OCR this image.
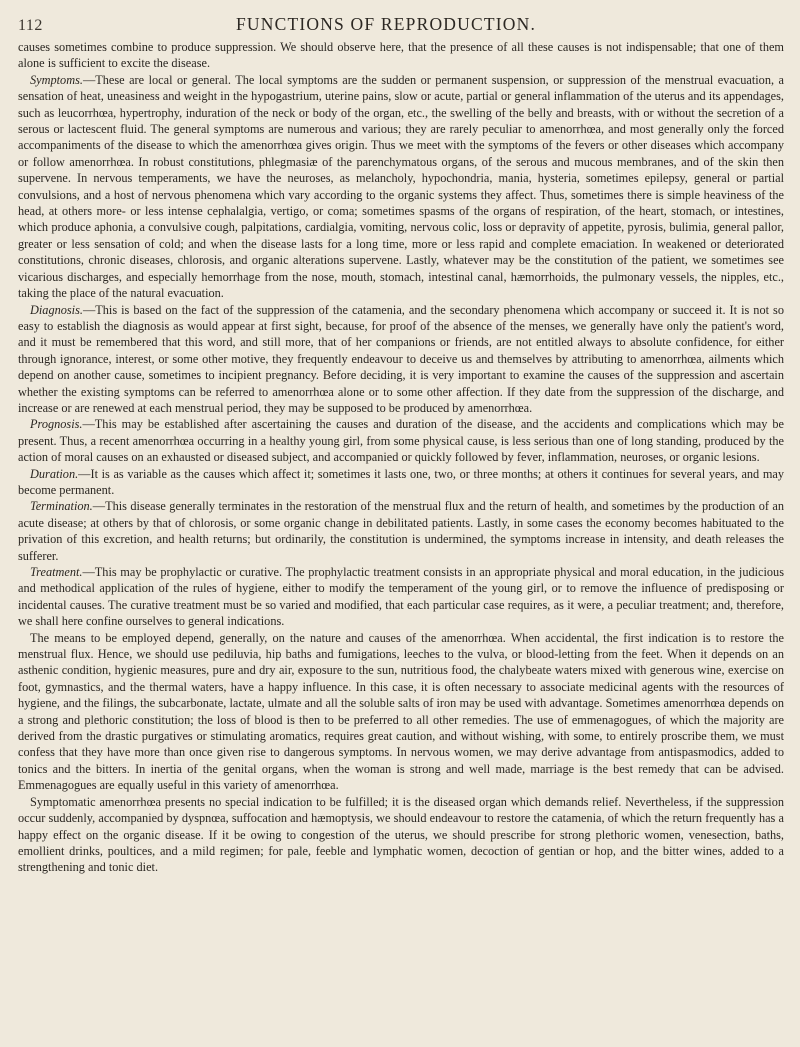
112	FUNCTIONS OF REPRODUCTION.

causes sometimes combine to produce suppression. We should observe here, that the presence of all these causes is not indispensable; that one of them alone is sufficient to excite the disease.

Symptoms.—These are local or general. The local symptoms are the sudden or permanent suspension, or suppression of the menstrual evacuation, a sensation of heat, uneasiness and weight in the hypogastrium, uterine pains, slow or acute, partial or general inflammation of the uterus and its appendages, such as leucorrhœa, hypertrophy, induration of the neck or body of the organ, etc., the swelling of the belly and breasts, with or without the secretion of a serous or lactescent fluid. The general symptoms are numerous and various; they are rarely peculiar to amenorrhœa, and most generally only the forced accompaniments of the disease to which the amenorrhœa gives origin. Thus we meet with the symptoms of the fevers or other diseases which accompany or follow amenorrhœa. In robust constitutions, phlegmasiæ of the parenchymatous organs, of the serous and mucous membranes, and of the skin then supervene. In nervous temperaments, we have the neuroses, as melancholy, hypochondria, mania, hysteria, sometimes epilepsy, general or partial convulsions, and a host of nervous phenomena which vary according to the organic systems they affect. Thus, sometimes there is simple heaviness of the head, at others more- or less intense cephalalgia, vertigo, or coma; sometimes spasms of the organs of respiration, of the heart, stomach, or intestines, which produce aphonia, a convulsive cough, palpitations, cardialgia, vomiting, nervous colic, loss or depravity of appetite, pyrosis, bulimia, general pallor, greater or less sensation of cold; and when the disease lasts for a long time, more or less rapid and complete emaciation. In weakened or deteriorated constitutions, chronic diseases, chlorosis, and organic alterations supervene. Lastly, whatever may be the constitution of the patient, we sometimes see vicarious discharges, and especially hemorrhage from the nose, mouth, stomach, intestinal canal, hæmorrhoids, the pulmonary vessels, the nipples, etc., taking the place of the natural evacuation.

Diagnosis.—This is based on the fact of the suppression of the catamenia, and the secondary phenomena which accompany or succeed it. It is not so easy to establish the diagnosis as would appear at first sight, because, for proof of the absence of the menses, we generally have only the patient's word, and it must be remembered that this word, and still more, that of her companions or friends, are not entitled always to absolute confidence, for either through ignorance, interest, or some other motive, they frequently endeavour to deceive us and themselves by attributing to amenorrhœa, ailments which depend on another cause, sometimes to incipient pregnancy. Before deciding, it is very important to examine the causes of the suppression and ascertain whether the existing symptoms can be referred to amenorrhœa alone or to some other affection. If they date from the suppression of the discharge, and increase or are renewed at each menstrual period, they may be supposed to be produced by amenorrhœa.

Prognosis.—This may be established after ascertaining the causes and duration of the disease, and the accidents and complications which may be present. Thus, a recent amenorrhœa occurring in a healthy young girl, from some physical cause, is less serious than one of long standing, produced by the action of moral causes on an exhausted or diseased subject, and accompanied or quickly followed by fever, inflammation, neuroses, or organic lesions.

Duration.—It is as variable as the causes which affect it; sometimes it lasts one, two, or three months; at others it continues for several years, and may become permanent.

Termination.—This disease generally terminates in the restoration of the menstrual flux and the return of health, and sometimes by the production of an acute disease; at others by that of chlorosis, or some organic change in debilitated patients. Lastly, in some cases the economy becomes habituated to the privation of this excretion, and health returns; but ordinarily, the constitution is undermined, the symptoms increase in intensity, and death releases the sufferer.

Treatment.—This may be prophylactic or curative. The prophylactic treatment consists in an appropriate physical and moral education, in the judicious and methodical application of the rules of hygiene, either to modify the temperament of the young girl, or to remove the influence of predisposing or incidental causes. The curative treatment must be so varied and modified, that each particular case requires, as it were, a peculiar treatment; and, therefore, we shall here confine ourselves to general indications.

The means to be employed depend, generally, on the nature and causes of the amenorrhœa. When accidental, the first indication is to restore the menstrual flux. Hence, we should use pediluvia, hip baths and fumigations, leeches to the vulva, or blood-letting from the feet. When it depends on an asthenic condition, hygienic measures, pure and dry air, exposure to the sun, nutritious food, the chalybeate waters mixed with generous wine, exercise on foot, gymnastics, and the thermal waters, have a happy influence. In this case, it is often necessary to associate medicinal agents with the resources of hygiene, and the filings, the subcarbonate, lactate, ulmate and all the soluble salts of iron may be used with advantage. Sometimes amenorrhœa depends on a strong and plethoric constitution; the loss of blood is then to be preferred to all other remedies. The use of emmenagogues, of which the majority are derived from the drastic purgatives or stimulating aromatics, requires great caution, and without wishing, with some, to entirely proscribe them, we must confess that they have more than once given rise to dangerous symptoms. In nervous women, we may derive advantage from antispasmodics, added to tonics and the bitters. In inertia of the genital organs, when the woman is strong and well made, marriage is the best remedy that can be advised. Emmenagogues are equally useful in this variety of amenorrhœa.

Symptomatic amenorrhœa presents no special indication to be fulfilled; it is the diseased organ which demands relief. Nevertheless, if the suppression occur suddenly, accompanied by dyspnœa, suffocation and hæmoptysis, we should endeavour to restore the catamenia, of which the return frequently has a happy effect on the organic disease. If it be owing to congestion of the uterus, we should prescribe for strong plethoric women, venesection, baths, emollient drinks, poultices, and a mild regimen; for pale, feeble and lymphatic women, decoction of gentian or hop, and the bitter wines, added to a strengthening and tonic diet.
